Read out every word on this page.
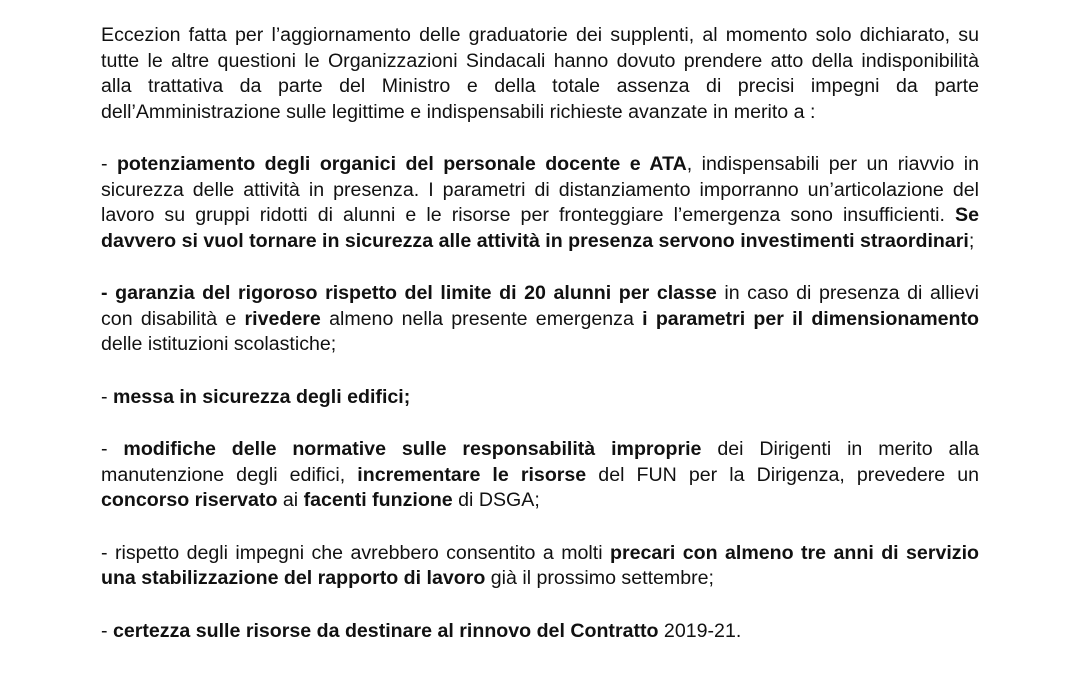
Eccezion fatta per l’aggiornamento delle graduatorie dei supplenti, al momento solo dichiarato, su tutte le altre questioni le Organizzazioni Sindacali hanno dovuto prendere atto della indisponibilità alla trattativa da parte del Ministro e della totale assenza di precisi impegni da parte dell’Amministrazione sulle legittime e indispensabili richieste avanzate in merito a :

- potenziamento degli organici del personale docente e ATA, indispensabili per un riavvio in sicurezza delle attività in presenza. I parametri di distanziamento imporranno un’articolazione del lavoro su gruppi ridotti di alunni e le risorse per fronteggiare l’emergenza sono insufficienti. Se davvero si vuol tornare in sicurezza alle attività in presenza servono investimenti straordinari;

- garanzia del rigoroso rispetto del limite di 20 alunni per classe in caso di presenza di allievi con disabilità e rivedere almeno nella presente emergenza i parametri per il dimensionamento delle istituzioni scolastiche;

- messa in sicurezza degli edifici;

- modifiche delle normative sulle responsabilità improprie dei Dirigenti in merito alla manutenzione degli edifici, incrementare le risorse del FUN per la Dirigenza, prevedere un concorso riservato ai facenti funzione di DSGA;

- rispetto degli impegni che avrebbero consentito a molti precari con almeno tre anni di servizio una stabilizzazione del rapporto di lavoro già il prossimo settembre;

- certezza sulle risorse da destinare al rinnovo del Contratto 2019-21.
